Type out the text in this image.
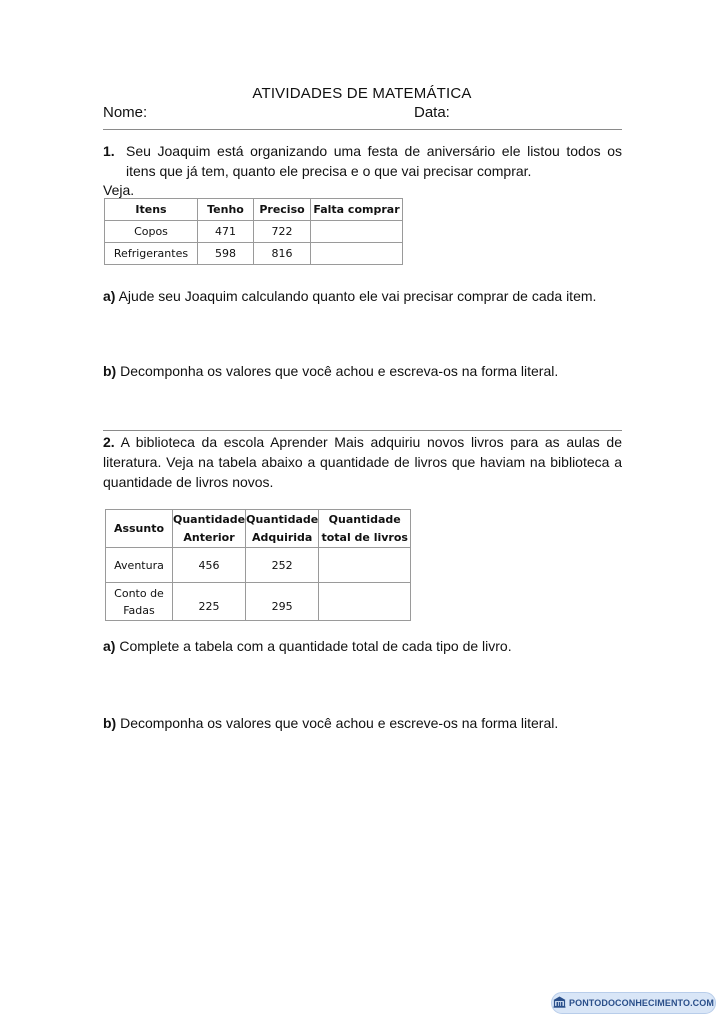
ATIVIDADES DE MATEMÁTICA
Nome:	Data:
1. Seu Joaquim está organizando uma festa de aniversário ele listou todos os itens que já tem, quanto ele precisa e o que vai precisar comprar.
Veja.
Itens	Tenho	Preciso	Falta comprar
Copos	471	722	
Refrigerantes	598	816	
a) Ajude seu Joaquim calculando quanto ele vai precisar comprar de cada item.
b) Decomponha os valores que você achou e escreva-os na forma literal.
2. A biblioteca da escola Aprender Mais adquiriu novos livros para as aulas de literatura. Veja na tabela abaixo a quantidade de livros que haviam na biblioteca a quantidade de livros novos.
Assunto	Quantidade Anterior	Quantidade Adquirida	Quantidade total de livros
Aventura	456	252	
Conto de Fadas	225	295	
a) Complete a tabela com a quantidade total de cada tipo de livro.
b) Decomponha os valores que você achou e escreve-os na forma literal.
PONTODOCONHECIMENTO.COM
